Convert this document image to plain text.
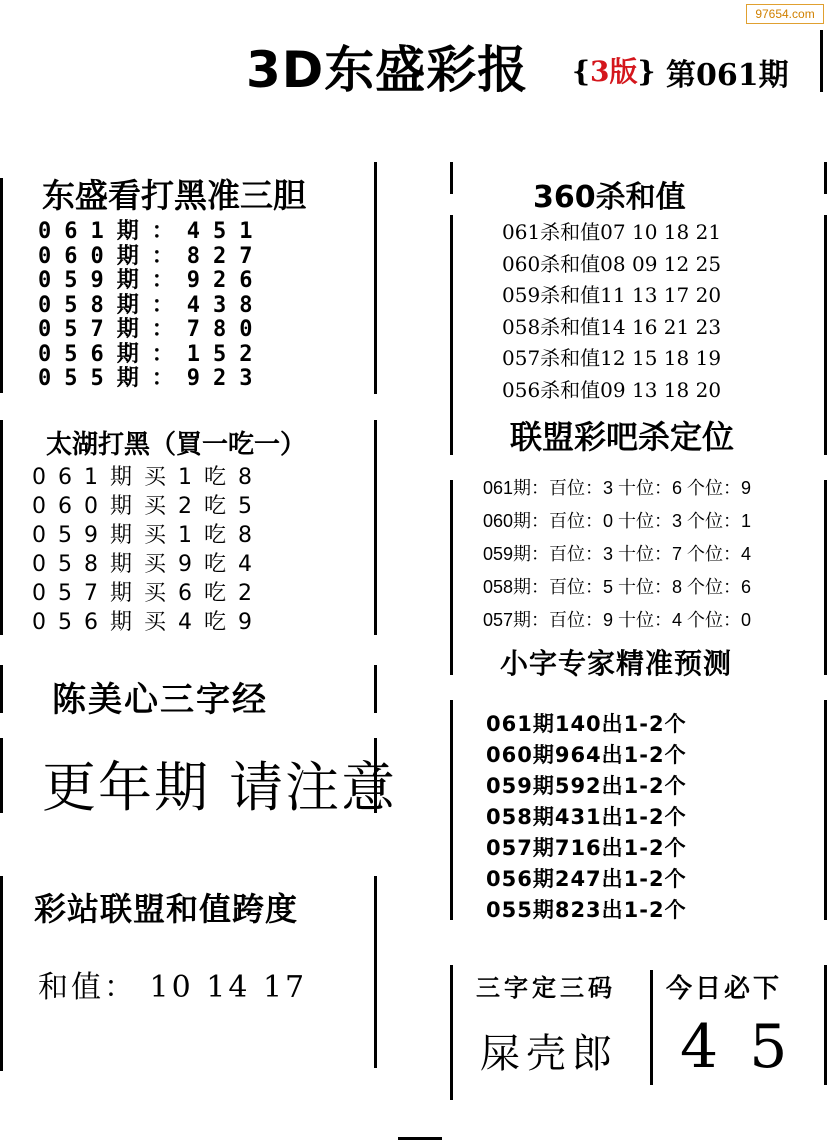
97654.com
3D东盛彩报 {3版} 第061期
东盛看打黑准三胆
061期：451
060期：827
059期：926
058期：438
057期：780
056期：152
055期：923
360杀和值
061杀和值07 10 18 21
060杀和值08 09 12 25
059杀和值11 13 17 20
058杀和值14 16 21 23
057杀和值12 15 18 19
056杀和值09 13 18 20
太湖打黑（買一吃一）
061期买1吃8
060期买2吃5
059期买1吃8
058期买9吃4
057期买6吃2
056期买4吃9
联盟彩吧杀定位
061期：百位：3 十位：6 个位：9
060期：百位：0 十位：3 个位：1
059期：百位：3 十位：7 个位：4
058期：百位：5 十位：8 个位：6
057期：百位：9 十位：4 个位：0
陈美心三字经
更年期 请注意
小字专家精准预测
061期140出1-2个
060期964出1-2个
059期592出1-2个
058期431出1-2个
057期716出1-2个
056期247出1-2个
055期823出1-2个
彩站联盟和值跨度
和值： 10 14 17	三字定三码
屎壳郎
今日必下
4 5
